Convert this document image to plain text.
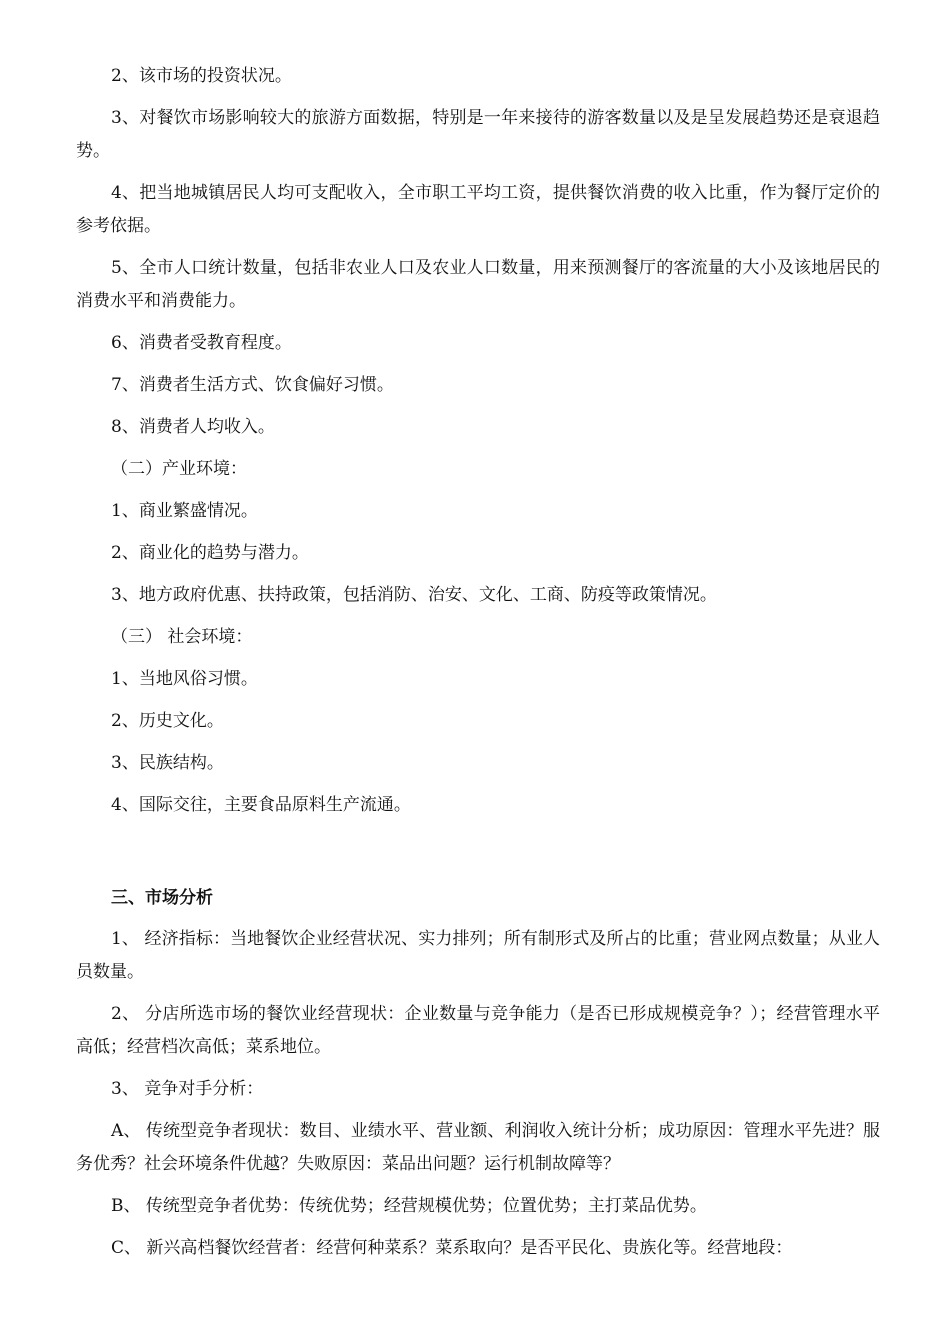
2、该市场的投资状况。

3、对餐饮市场影响较大的旅游方面数据，特别是一年来接待的游客数量以及是呈发展趋势还是衰退趋势。

4、把当地城镇居民人均可支配收入，全市职工平均工资，提供餐饮消费的收入比重，作为餐厅定价的参考依据。

5、全市人口统计数量，包括非农业人口及农业人口数量，用来预测餐厅的客流量的大小及该地居民的消费水平和消费能力。

6、消费者受教育程度。

7、消费者生活方式、饮食偏好习惯。

8、消费者人均收入。

（二）产业环境：

1、商业繁盛情况。

2、商业化的趋势与潜力。

3、地方政府优惠、扶持政策，包括消防、治安、文化、工商、防疫等政策情况。

（三） 社会环境：

1、当地风俗习惯。

2、历史文化。

3、民族结构。

4、国际交往，主要食品原料生产流通。

三、市场分析

1、 经济指标：当地餐饮企业经营状况、实力排列；所有制形式及所占的比重；营业网点数量；从业人员数量。

2、 分店所选市场的餐饮业经营现状：企业数量与竞争能力（是否已形成规模竞争？）；经营管理水平高低；经营档次高低；菜系地位。

3、 竞争对手分析：

A、 传统型竞争者现状：数目、业绩水平、营业额、利润收入统计分析；成功原因：管理水平先进？服务优秀？社会环境条件优越？失败原因：菜品出问题？运行机制故障等？

B、 传统型竞争者优势：传统优势；经营规模优势；位置优势；主打菜品优势。

C、 新兴高档餐饮经营者：经营何种菜系？菜系取向？是否平民化、贵族化等。经营地段：
